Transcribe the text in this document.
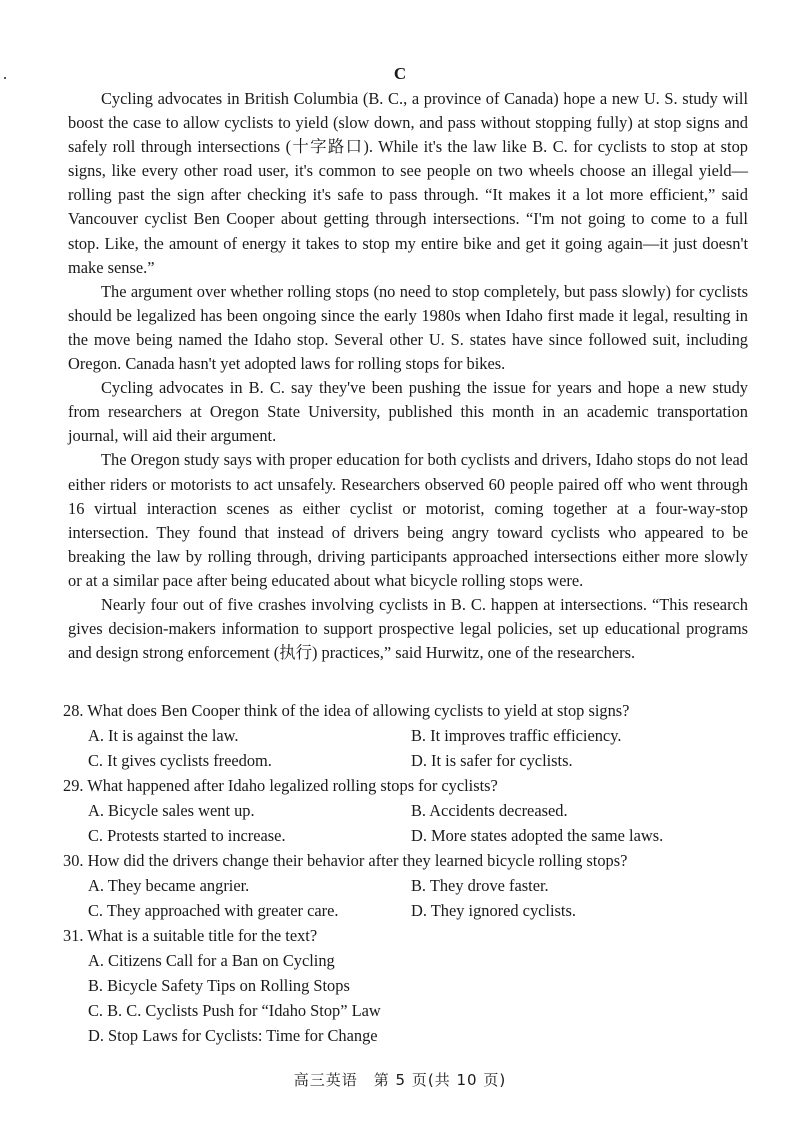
C

Cycling advocates in British Columbia (B. C., a province of Canada) hope a new U. S. study will boost the case to allow cyclists to yield (slow down, and pass without stopping fully) at stop signs and safely roll through intersections (十字路口). While it's the law like B. C. for cyclists to stop at stop signs, like every other road user, it's common to see people on two wheels choose an illegal yield—rolling past the sign after checking it's safe to pass through. “It makes it a lot more efficient,” said Vancouver cyclist Ben Cooper about getting through intersections. “I'm not going to come to a full stop. Like, the amount of energy it takes to stop my entire bike and get it going again—it just doesn't make sense.”

The argument over whether rolling stops (no need to stop completely, but pass slowly) for cyclists should be legalized has been ongoing since the early 1980s when Idaho first made it legal, resulting in the move being named the Idaho stop. Several other U. S. states have since followed suit, including Oregon. Canada hasn't yet adopted laws for rolling stops for bikes.

Cycling advocates in B. C. say they've been pushing the issue for years and hope a new study from researchers at Oregon State University, published this month in an academic transportation journal, will aid their argument.

The Oregon study says with proper education for both cyclists and drivers, Idaho stops do not lead either riders or motorists to act unsafely. Researchers observed 60 people paired off who went through 16 virtual interaction scenes as either cyclist or motorist, coming together at a four-way-stop intersection. They found that instead of drivers being angry toward cyclists who appeared to be breaking the law by rolling through, driving participants approached intersections either more slowly or at a similar pace after being educated about what bicycle rolling stops were.

Nearly four out of five crashes involving cyclists in B. C. happen at intersections. “This research gives decision-makers information to support prospective legal policies, set up educational programs and design strong enforcement (执行) practices,” said Hurwitz, one of the researchers.

28. What does Ben Cooper think of the idea of allowing cyclists to yield at stop signs?

A. It is against the law.	B. It improves traffic efficiency.
C. It gives cyclists freedom.	D. It is safer for cyclists.

29. What happened after Idaho legalized rolling stops for cyclists?

A. Bicycle sales went up.	B. Accidents decreased.
C. Protests started to increase.	D. More states adopted the same laws.

30. How did the drivers change their behavior after they learned bicycle rolling stops?

A. They became angrier.	B. They drove faster.
C. They approached with greater care.	D. They ignored cyclists.

31. What is a suitable title for the text?

A. Citizens Call for a Ban on Cycling
B. Bicycle Safety Tips on Rolling Stops
C. B. C. Cyclists Push for “Idaho Stop” Law
D. Stop Laws for Cyclists: Time for Change
高三英语　第 5 页(共 10 页)
